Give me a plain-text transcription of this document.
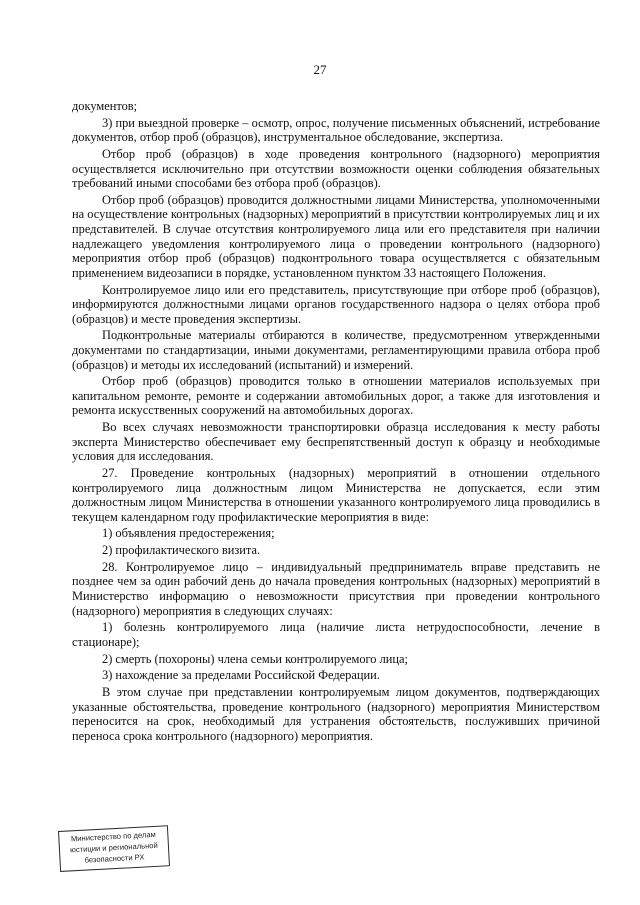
27

документов;

3) при выездной проверке – осмотр, опрос, получение письменных объяснений, истребование документов, отбор проб (образцов), инструментальное обследование, экспертиза.

Отбор проб (образцов) в ходе проведения контрольного (надзорного) мероприятия осуществляется исключительно при отсутствии возможности оценки соблюдения обязательных требований иными способами без отбора проб (образцов).

Отбор проб (образцов) проводится должностными лицами Министерства, уполномоченными на осуществление контрольных (надзорных) мероприятий в присутствии контролируемых лиц и их представителей. В случае отсутствия контролируемого лица или его представителя при наличии надлежащего уведомления контролируемого лица о проведении контрольного (надзорного) мероприятия отбор проб (образцов) подконтрольного товара осуществляется с обязательным применением видеозаписи в порядке, установленном пунктом 33 настоящего Положения.

Контролируемое лицо или его представитель, присутствующие при отборе проб (образцов), информируются должностными лицами органов государственного надзора о целях отбора проб (образцов) и месте проведения экспертизы.

Подконтрольные материалы отбираются в количестве, предусмотренном утвержденными документами по стандартизации, иными документами, регламентирующими правила отбора проб (образцов) и методы их исследований (испытаний) и измерений.

Отбор проб (образцов) проводится только в отношении материалов используемых при капитальном ремонте, ремонте и содержании автомобильных дорог, а также для изготовления и ремонта искусственных сооружений на автомобильных дорогах.

Во всех случаях невозможности транспортировки образца исследования к месту работы эксперта Министерство обеспечивает ему беспрепятственный доступ к образцу и необходимые условия для исследования.

27. Проведение контрольных (надзорных) мероприятий в отношении отдельного контролируемого лица должностным лицом Министерства не допускается, если этим должностным лицом Министерства в отношении указанного контролируемого лица проводились в текущем календарном году профилактические мероприятия в виде:

1) объявления предостережения;

2) профилактического визита.

28. Контролируемое лицо – индивидуальный предприниматель вправе представить не позднее чем за один рабочий день до начала проведения контрольных (надзорных) мероприятий в Министерство информацию о невозможности присутствия при проведении контрольного (надзорного) мероприятия в следующих случаях:

1) болезнь контролируемого лица (наличие листа нетрудоспособности, лечение в стационаре);

2) смерть (похороны) члена семьи контролируемого лица;

3) нахождение за пределами Российской Федерации.

В этом случае при представлении контролируемым лицом документов, подтверждающих указанные обстоятельства, проведение контрольного (надзорного) мероприятия Министерством переносится на срок, необходимый для устранения обстоятельств, послуживших причиной переноса срока контрольного (надзорного) мероприятия.

Министерство по делам
юстиции и региональной
безопасности РХ
